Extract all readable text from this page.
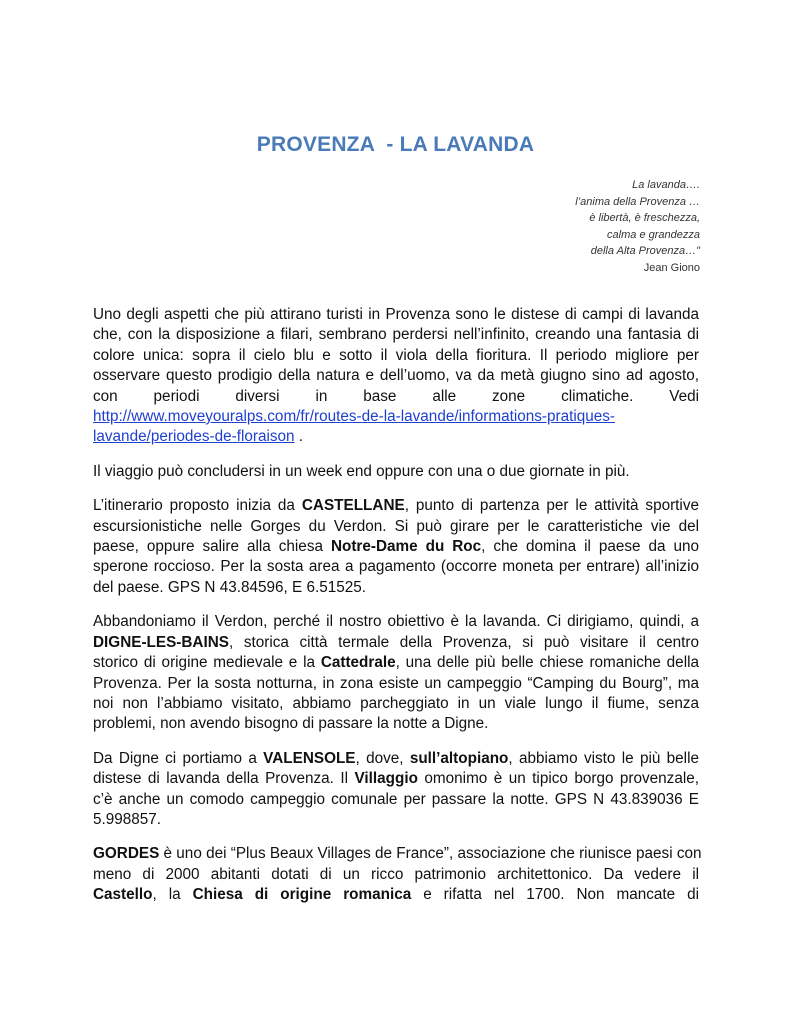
PROVENZA  - LA LAVANDA
La lavanda….
l’anima della Provenza …
è libertà, è freschezza,
calma e grandezza
della Alta Provenza…"
Jean Giono
Uno degli aspetti che più attirano turisti in Provenza sono le distese di campi di lavanda
che, con la disposizione a filari, sembrano perdersi nell’infinito, creando una fantasia di
colore unica: sopra il cielo blu e sotto il viola della fioritura. Il periodo migliore per
osservare questo prodigio della natura e dell’uomo, va da metà giugno sino ad agosto,
con periodi diversi in base alle zone climatiche. Vedi
http://www.moveyouralps.com/fr/routes-de-la-lavande/informations-pratiques-
lavande/periodes-de-floraison .
Il viaggio può concludersi in un week end oppure con una o due giornate in più.
L’itinerario proposto inizia da CASTELLANE, punto di partenza per le attività sportive
escursionistiche nelle Gorges du Verdon. Si può girare per le caratteristiche vie del
paese, oppure salire alla chiesa Notre-Dame du Roc, che domina il paese da uno
sperone roccioso. Per la sosta area a pagamento (occorre moneta per entrare) all’inizio
del paese. GPS N 43.84596, E 6.51525.
Abbandoniamo il Verdon, perché il nostro obiettivo è la lavanda. Ci dirigiamo, quindi, a
DIGNE-LES-BAINS, storica città termale della Provenza, si può visitare il centro
storico di origine medievale e la Cattedrale, una delle più belle chiese romaniche della
Provenza. Per la sosta notturna, in zona esiste un campeggio “Camping du Bourg”, ma
noi non l’abbiamo visitato, abbiamo parcheggiato in un viale lungo il fiume, senza
problemi, non avendo bisogno di passare la notte a Digne.
Da Digne ci portiamo a VALENSOLE, dove, sull’altopiano, abbiamo visto le più belle
distese di lavanda della Provenza. Il Villaggio omonimo è un tipico borgo provenzale,
c’è anche un comodo campeggio comunale per passare la notte. GPS N 43.839036 E
5.998857.
GORDES è uno dei “Plus Beaux Villages de France”, associazione che riunisce paesi con
meno di 2000 abitanti dotati di un ricco patrimonio architettonico. Da vedere il
Castello, la Chiesa di origine romanica e rifatta nel 1700. Non mancate di
